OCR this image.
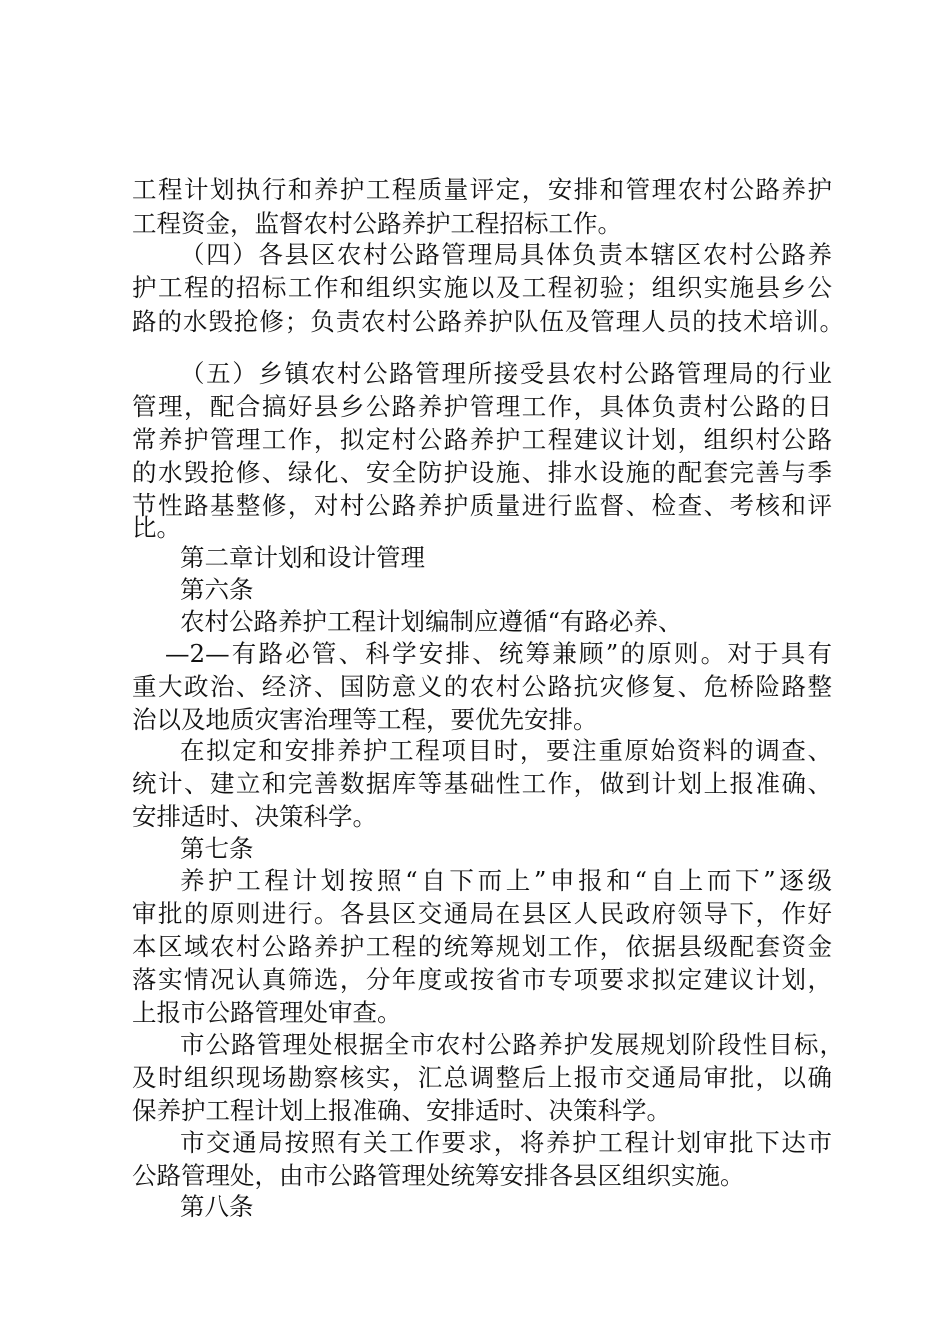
工程计划执行和养护工程质量评定，安排和管理农村公路养护
工程资金，监督农村公路养护工程招标工作。
（四）各县区农村公路管理局具体负责本辖区农村公路养
护工程的招标工作和组织实施以及工程初验；组织实施县乡公
路的水毁抢修；负责农村公路养护队伍及管理人员的技术培训。
（五）乡镇农村公路管理所接受县农村公路管理局的行业
管理，配合搞好县乡公路养护管理工作，具体负责村公路的日
常养护管理工作，拟定村公路养护工程建议计划，组织村公路
的水毁抢修、绿化、安全防护设施、排水设施的配套完善与季
节性路基整修，对村公路养护质量进行监督、检查、考核和评
比。
第二章计划和设计管理
第六条
农村公路养护工程计划编制应遵循“有路必养、
—2—有路必管、科学安排、统筹兼顾”的原则。对于具有
重大政治、经济、国防意义的农村公路抗灾修复、危桥险路整
治以及地质灾害治理等工程，要优先安排。
在拟定和安排养护工程项目时，要注重原始资料的调查、
统计、建立和完善数据库等基础性工作，做到计划上报准确、
安排适时、决策科学。
第七条
养护工程计划按照“自下而上”申报和“自上而下”逐级
审批的原则进行。各县区交通局在县区人民政府领导下，作好
本区域农村公路养护工程的统筹规划工作，依据县级配套资金
落实情况认真筛选，分年度或按省市专项要求拟定建议计划，
上报市公路管理处审查。
市公路管理处根据全市农村公路养护发展规划阶段性目标，
及时组织现场勘察核实，汇总调整后上报市交通局审批，以确
保养护工程计划上报准确、安排适时、决策科学。
市交通局按照有关工作要求，将养护工程计划审批下达市
公路管理处，由市公路管理处统筹安排各县区组织实施。
第八条
